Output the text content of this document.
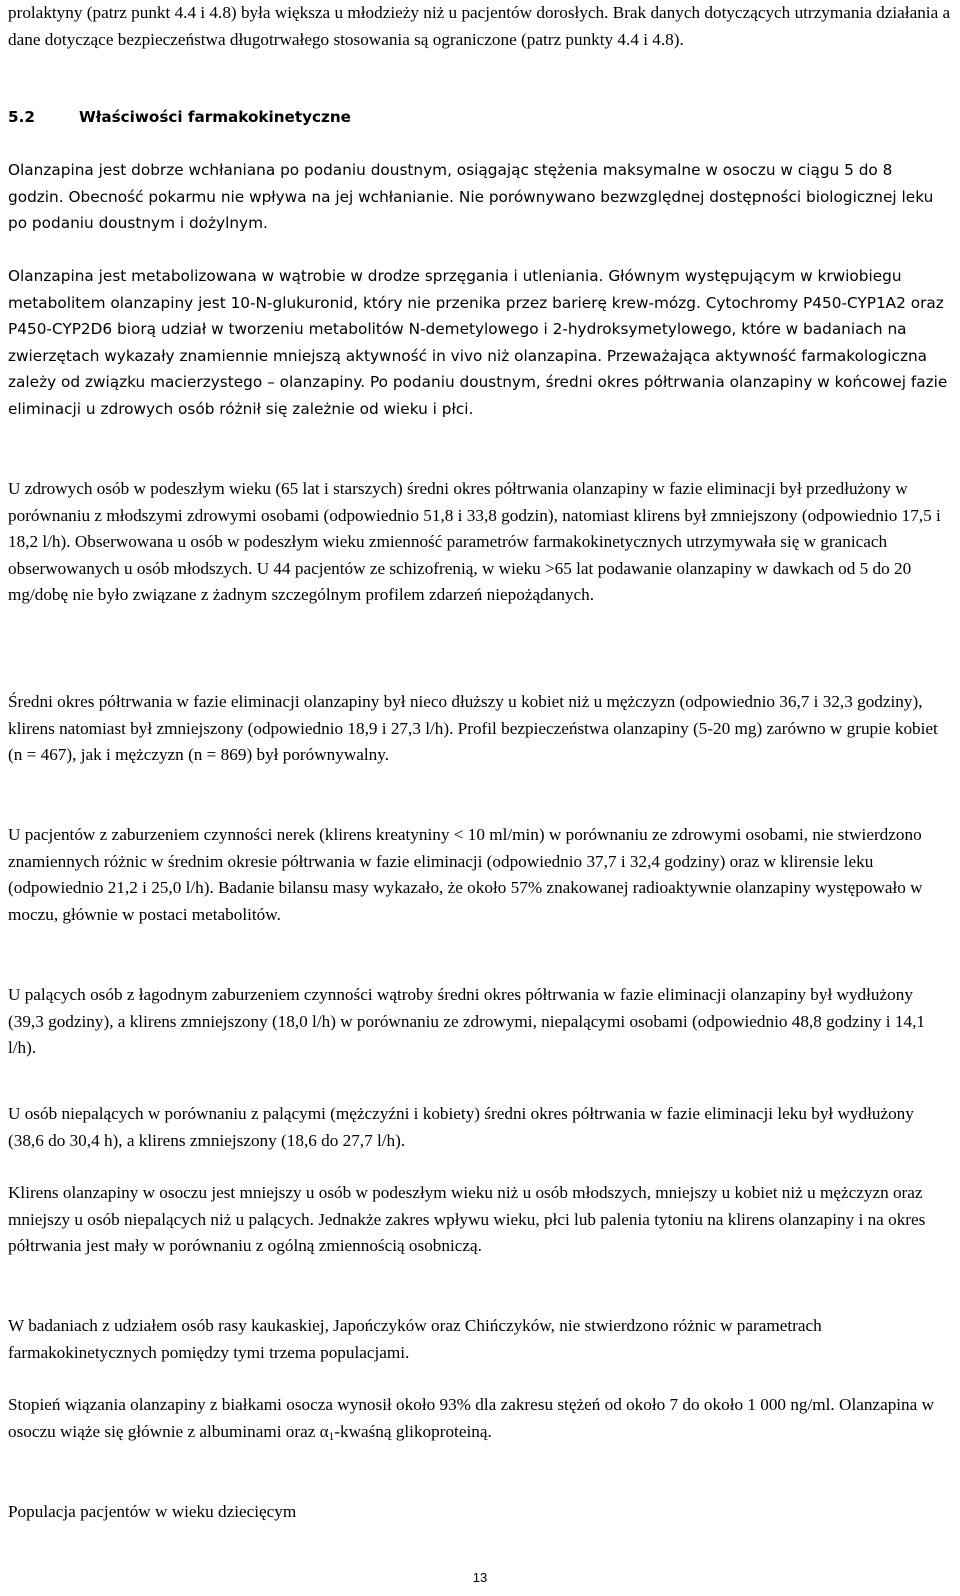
prolaktyny (patrz punkt 4.4 i 4.8) była większa u młodzieży niż u pacjentów dorosłych. Brak danych dotyczących utrzymania działania a dane dotyczące bezpieczeństwa długotrwałego stosowania są ograniczone (patrz punkty 4.4 i 4.8).

5.2	Właściwości farmakokinetyczne

Olanzapina jest dobrze wchłaniana po podaniu doustnym, osiągając stężenia maksymalne w osoczu w ciągu 5 do 8 godzin. Obecność pokarmu nie wpływa na jej wchłanianie. Nie porównywano bezwzględnej dostępności biologicznej leku po podaniu doustnym i dożylnym.

Olanzapina jest metabolizowana w wątrobie w drodze sprzęgania i utleniania. Głównym występującym w krwiobiegu metabolitem olanzapiny jest 10-N-glukuronid, który nie przenika przez barierę krew-mózg. Cytochromy P450-CYP1A2 oraz P450-CYP2D6 biorą udział w tworzeniu metabolitów N-demetylowego i 2-hydroksymetylowego, które w badaniach na zwierzętach wykazały znamiennie mniejszą aktywność in vivo niż olanzapina. Przeważająca aktywność farmakologiczna zależy od związku macierzystego – olanzapiny. Po podaniu doustnym, średni okres półtrwania olanzapiny w końcowej fazie eliminacji u zdrowych osób różnił się zależnie od wieku i płci.

U zdrowych osób w podeszłym wieku (65 lat i starszych) średni okres półtrwania olanzapiny w fazie eliminacji był przedłużony w porównaniu z młodszymi zdrowymi osobami (odpowiednio 51,8 i 33,8 godzin), natomiast klirens był zmniejszony (odpowiednio 17,5 i 18,2 l/h). Obserwowana u osób w podeszłym wieku zmienność parametrów farmakokinetycznych utrzymywała się w granicach obserwowanych u osób młodszych. U 44 pacjentów ze schizofrenią, w wieku >65 lat podawanie olanzapiny w dawkach od 5 do 20 mg/dobę nie było związane z żadnym szczególnym profilem zdarzeń niepożądanych.

Średni okres półtrwania w fazie eliminacji olanzapiny był nieco dłuższy u kobiet niż u mężczyzn (odpowiednio 36,7 i 32,3 godziny), klirens natomiast był zmniejszony (odpowiednio 18,9 i 27,3 l/h). Profil bezpieczeństwa olanzapiny (5-20 mg) zarówno w grupie kobiet (n = 467), jak i mężczyzn (n = 869) był porównywalny.

U pacjentów z zaburzeniem czynności nerek (klirens kreatyniny < 10 ml/min) w porównaniu ze zdrowymi osobami, nie stwierdzono znamiennych różnic w średnim okresie półtrwania w fazie eliminacji (odpowiednio 37,7 i 32,4 godziny) oraz w klirensie leku (odpowiednio 21,2 i 25,0 l/h). Badanie bilansu masy wykazało, że około 57% znakowanej radioaktywnie olanzapiny występowało w moczu, głównie w postaci metabolitów.

U palących osób z łagodnym zaburzeniem czynności wątroby średni okres półtrwania w fazie eliminacji olanzapiny był wydłużony (39,3 godziny), a klirens zmniejszony (18,0 l/h) w porównaniu ze zdrowymi, niepalącymi osobami (odpowiednio 48,8 godziny i 14,1 l/h).

U osób niepalących w porównaniu z palącymi (mężczyźni i kobiety) średni okres półtrwania w fazie eliminacji leku był wydłużony (38,6 do 30,4 h), a klirens zmniejszony (18,6 do 27,7 l/h).

Klirens olanzapiny w osoczu jest mniejszy u osób w podeszłym wieku niż u osób młodszych, mniejszy u kobiet niż u mężczyzn oraz mniejszy u osób niepalących niż u palących. Jednakże zakres wpływu wieku, płci lub palenia tytoniu na klirens olanzapiny i na okres półtrwania jest mały w porównaniu z ogólną zmiennością osobniczą.

W badaniach z udziałem osób rasy kaukaskiej, Japończyków oraz Chińczyków, nie stwierdzono różnic w parametrach farmakokinetycznych pomiędzy tymi trzema populacjami.

Stopień wiązania olanzapiny z białkami osocza wynosił około 93% dla zakresu stężeń od około 7 do około 1 000 ng/ml. Olanzapina w osoczu wiąże się głównie z albuminami oraz $\alpha_1$-kwaśną glikoproteiną.

Populacja pacjentów w wieku dziecięcym

13
